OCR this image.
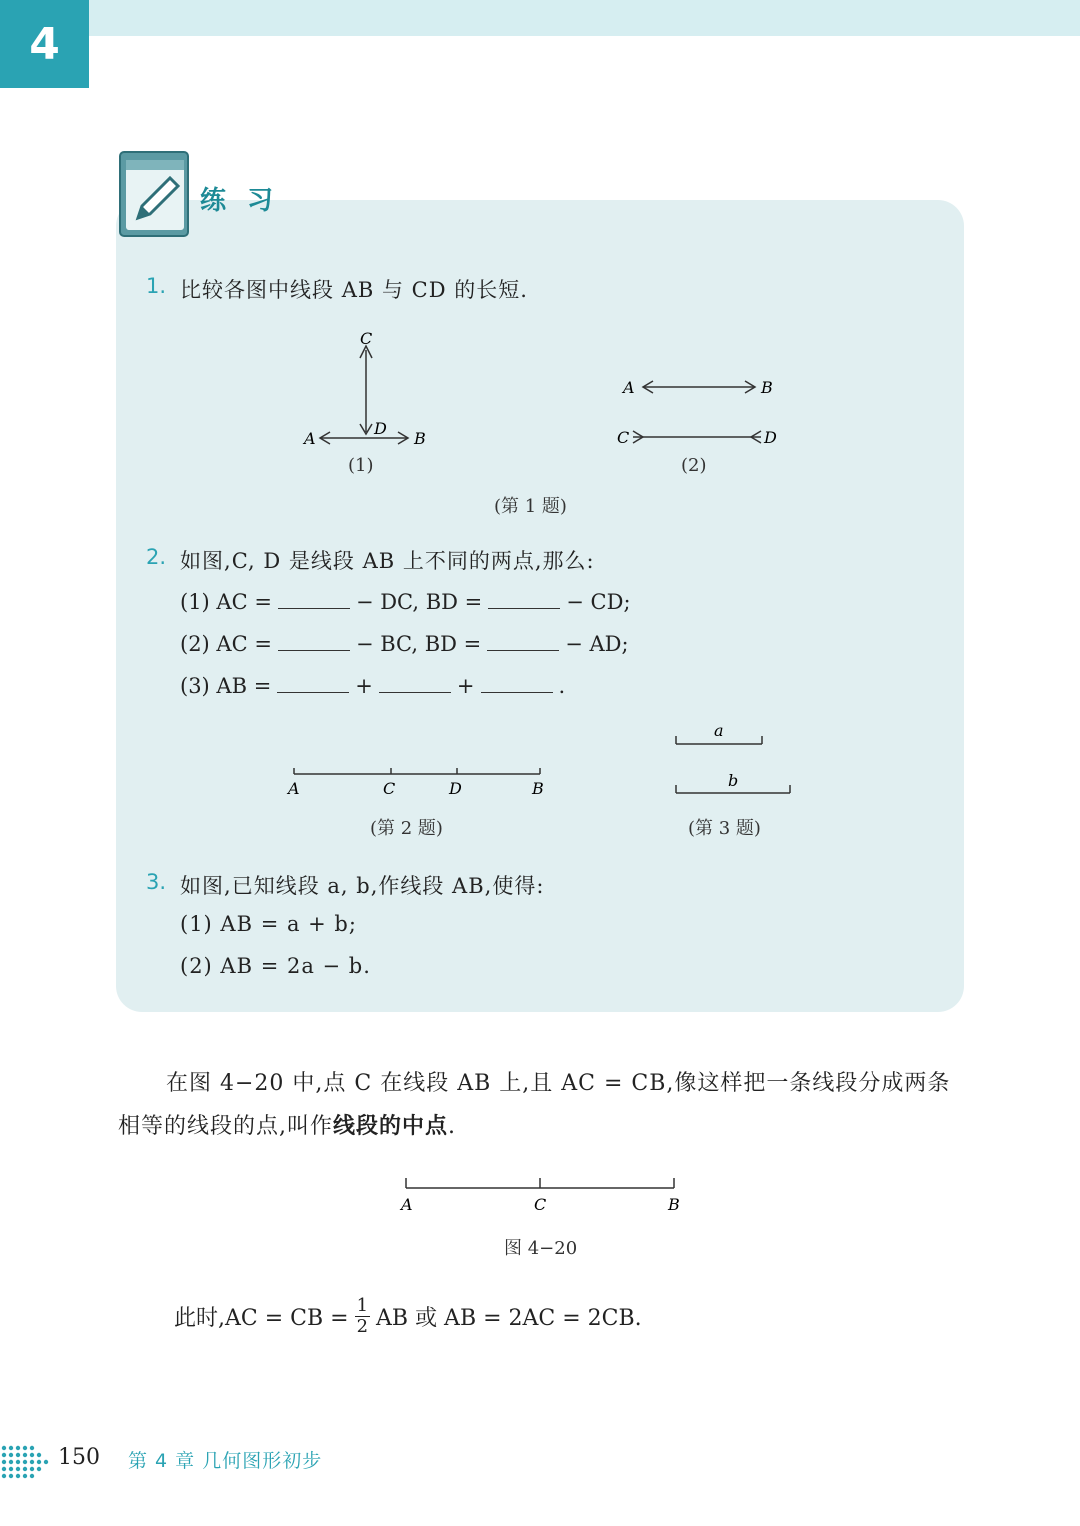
4
练 习
1. 比较各图中线段 AB 与 CD 的长短.
C
D
A	B
(1)
A	B
C	D
(2)
(第 1 题)
2. 如图,C, D 是线段 AB 上不同的两点,那么:
(1) AC =	− DC, BD =	− CD;
(2) AC =	− BC, BD =	− AD;
(3) AB =	+	+	.
A	C	D	B
(第 2 题)
a
b
(第 3 题)
3. 如图,已知线段 a, b,作线段 AB,使得:
(1) AB = a + b;
(2) AB = 2a − b.
在图 4−20 中,点 C 在线段 AB 上,且 AC = CB,像这样把一条线段分成两条相等的线段的点,叫作线段的中点.
A	C	B
图 4−20
此时,AC = CB = $\frac{1}{2}$ AB 或 AB = 2AC = 2CB.
150 第 4 章 几何图形初步
